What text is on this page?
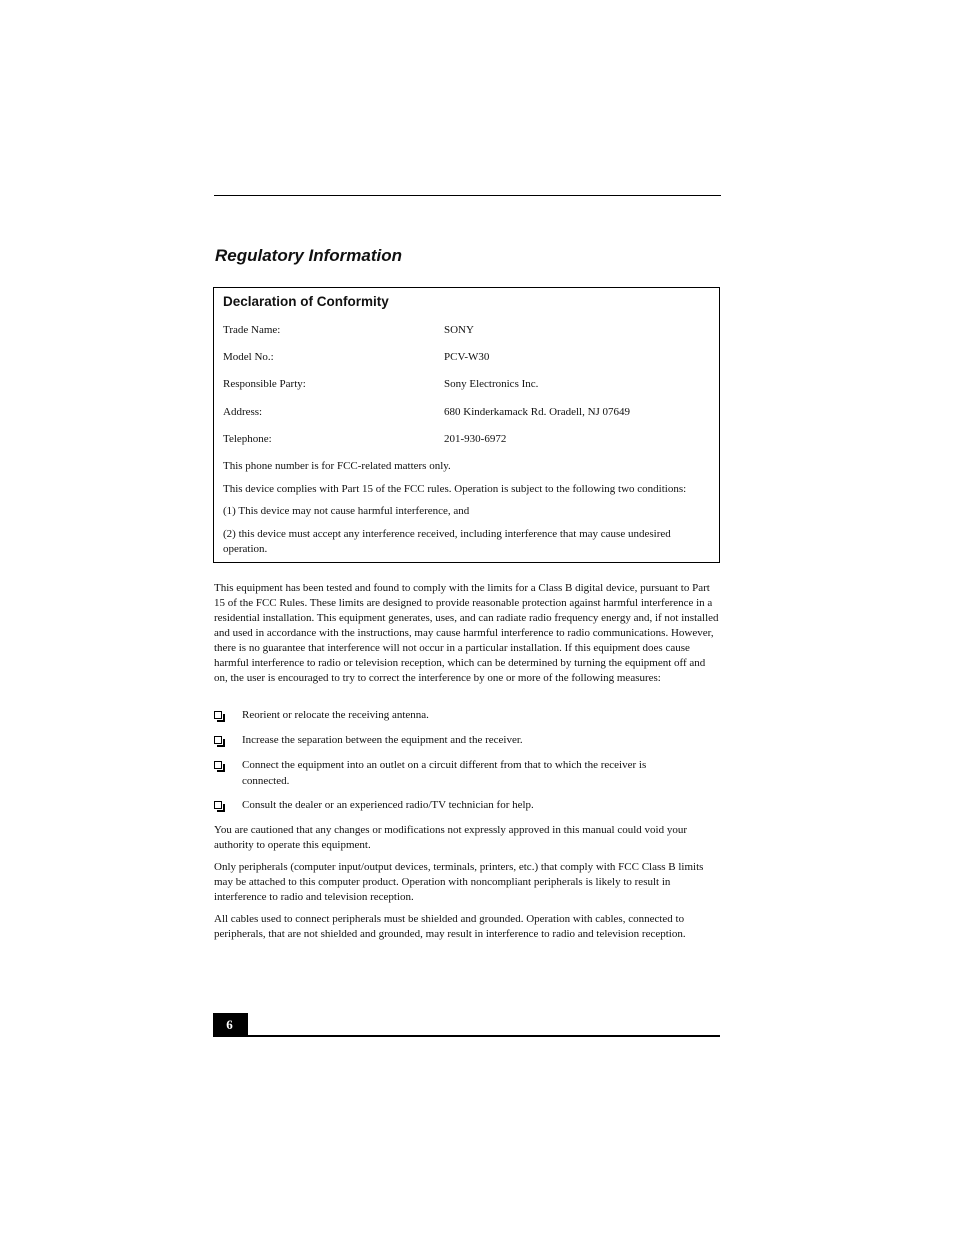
Regulatory Information
Declaration of Conformity
Trade Name:	SONY
Model No.:	PCV-W30
Responsible Party:	Sony Electronics Inc.
Address:	680 Kinderkamack Rd. Oradell, NJ 07649
Telephone:	201-930-6972

This phone number is for FCC-related matters only.

This device complies with Part 15 of the FCC rules. Operation is subject to the following two conditions:

(1) This device may not cause harmful interference, and

(2) this device must accept any interference received, including interference that may cause undesired operation.

This equipment has been tested and found to comply with the limits for a Class B digital device, pursuant to Part 15 of the FCC Rules. These limits are designed to provide reasonable protection against harmful interference in a residential installation. This equipment generates, uses, and can radiate radio frequency energy and, if not installed and used in accordance with the instructions, may cause harmful interference to radio communications. However, there is no guarantee that interference will not occur in a particular installation. If this equipment does cause harmful interference to radio or television reception, which can be determined by turning the equipment off and on, the user is encouraged to try to correct the interference by one or more of the following measures:

Reorient or relocate the receiving antenna.
Increase the separation between the equipment and the receiver.
Connect the equipment into an outlet on a circuit different from that to which the receiver is connected.
Consult the dealer or an experienced radio/TV technician for help.

You are cautioned that any changes or modifications not expressly approved in this manual could void your authority to operate this equipment.

Only peripherals (computer input/output devices, terminals, printers, etc.) that comply with FCC Class B limits may be attached to this computer product. Operation with noncompliant peripherals is likely to result in interference to radio and television reception.

All cables used to connect peripherals must be shielded and grounded. Operation with cables, connected to peripherals, that are not shielded and grounded, may result in interference to radio and television reception.

6
